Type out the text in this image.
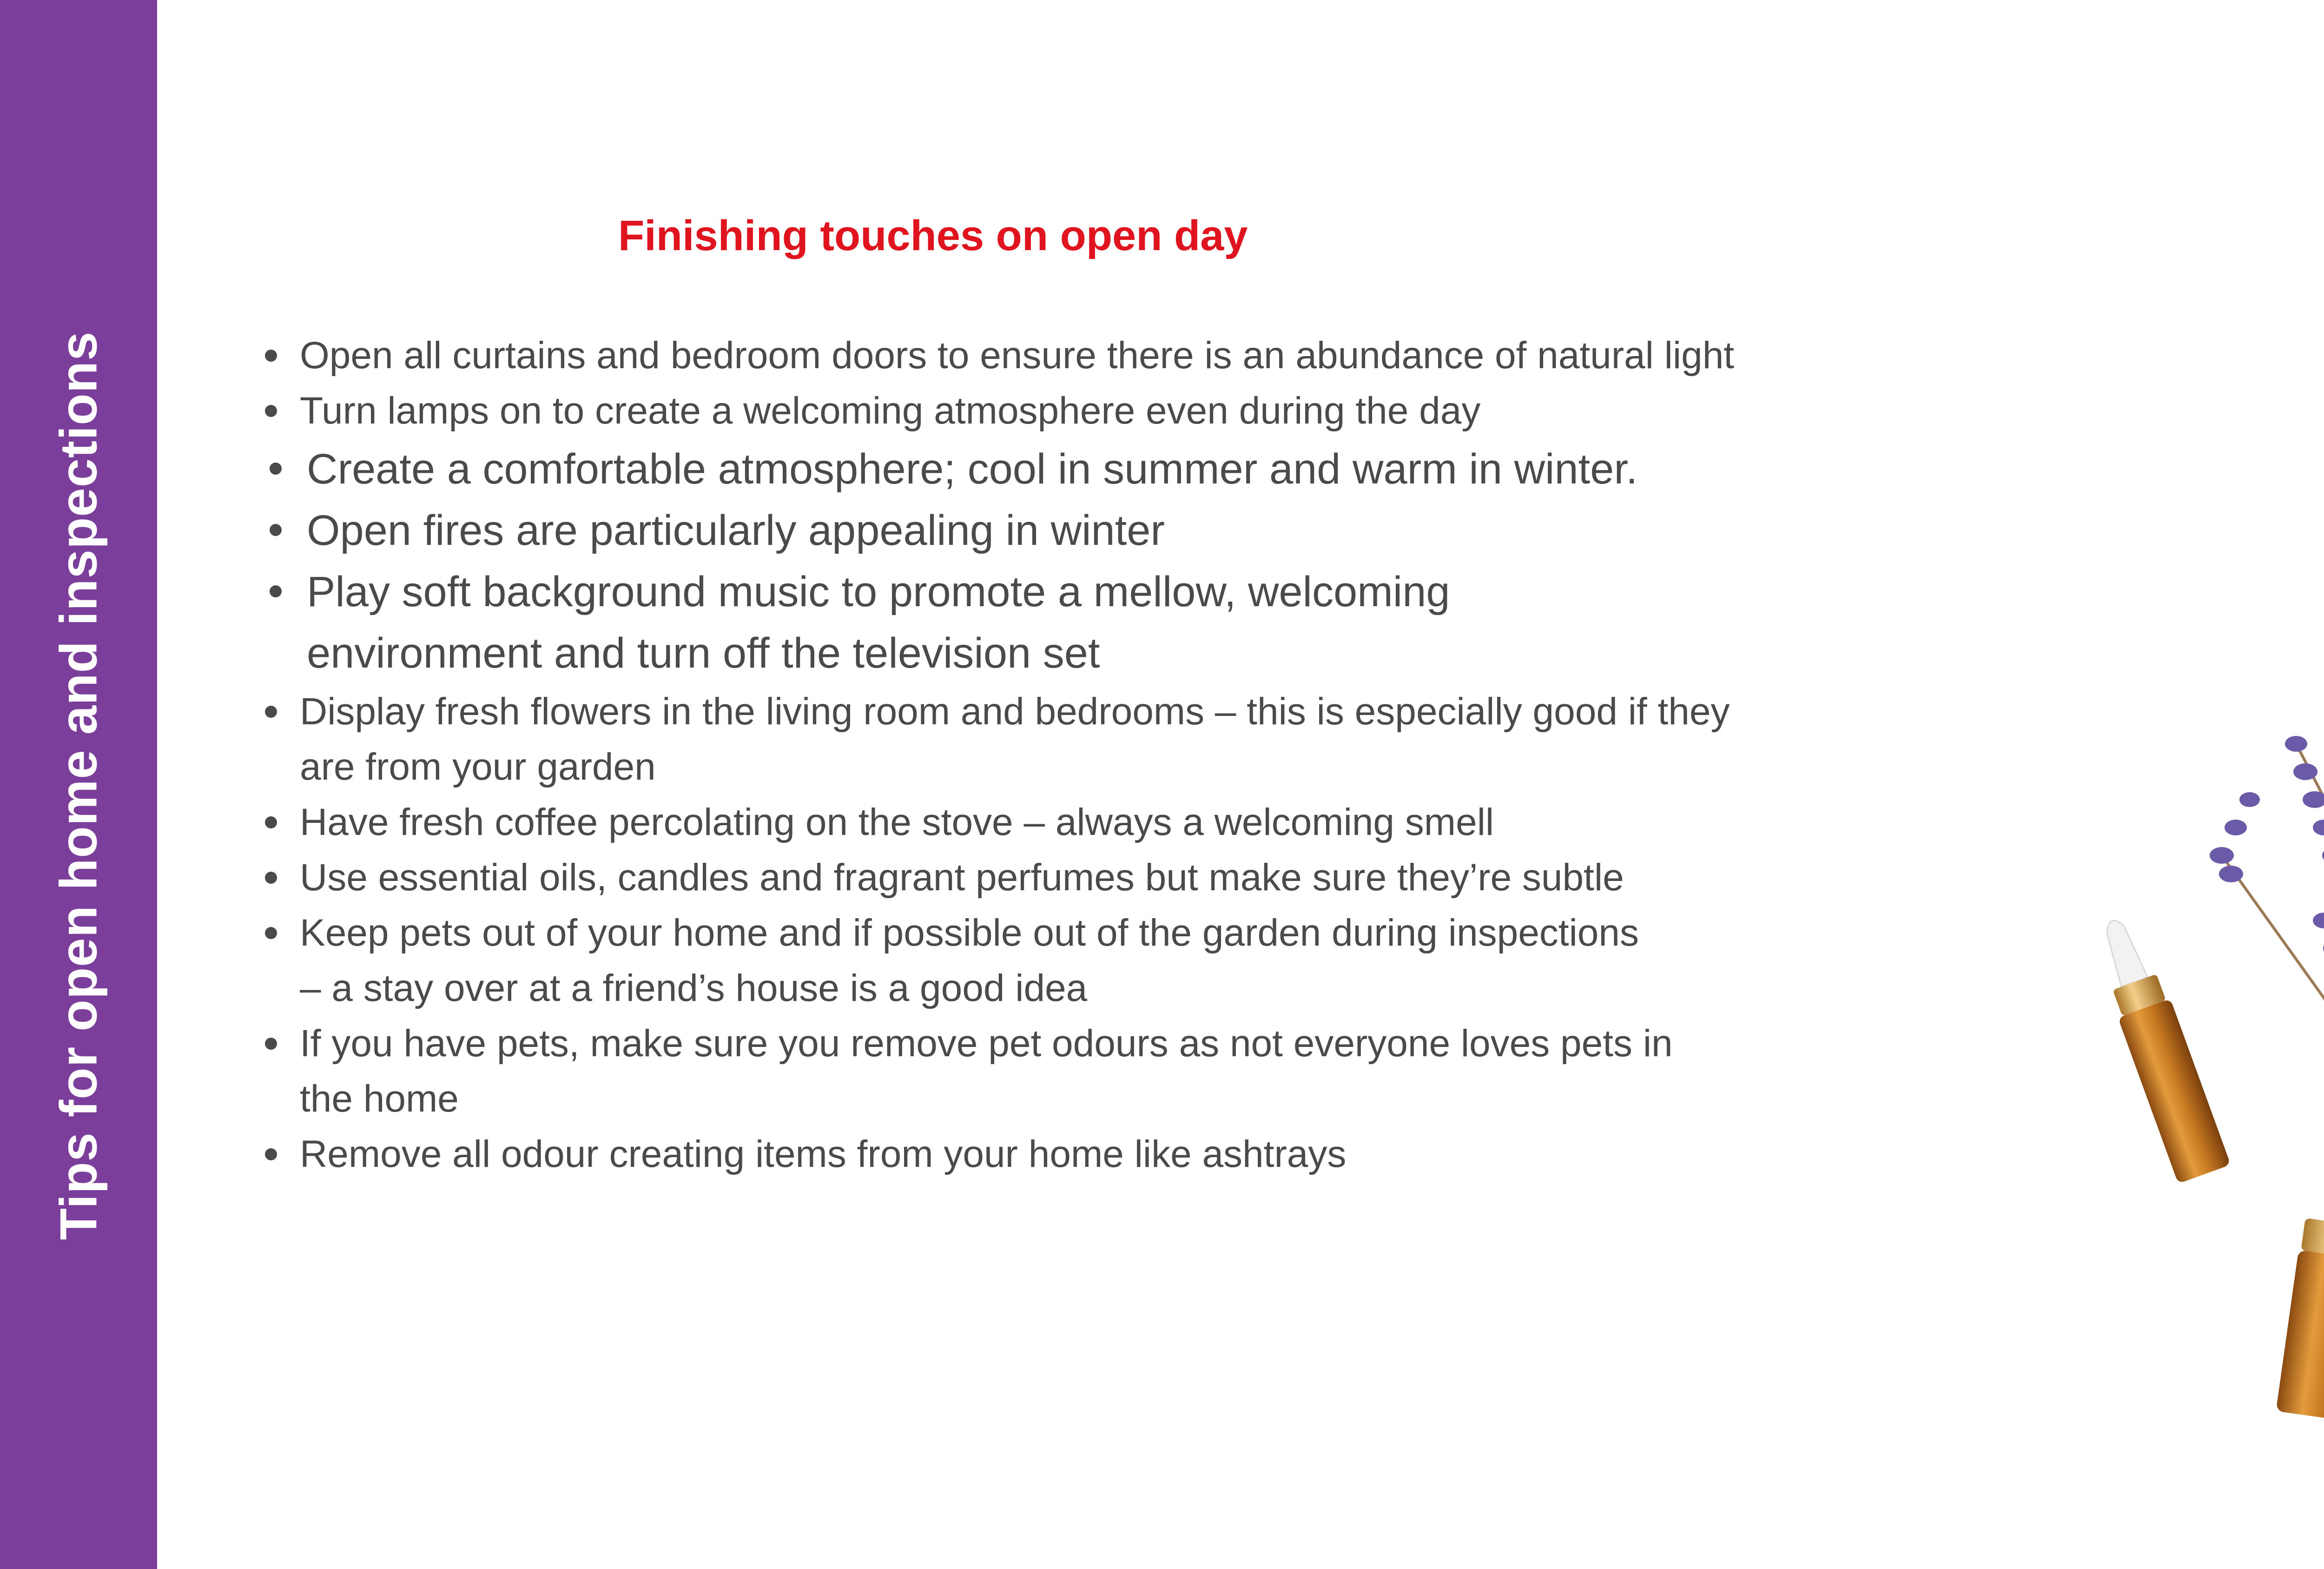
Tips for open home and inspections
Finishing touches on open day
Open all curtains and bedroom doors to ensure there is an abundance of natural light
Turn lamps on to create a welcoming atmosphere even during the day
Create a comfortable atmosphere; cool in summer and warm in winter.
Open fires are particularly appealing in winter
Play soft background music to promote a mellow, welcoming environment and turn off the television set
Display fresh flowers in the living room and bedrooms – this is especially good if they are from your garden
Have fresh coffee percolating on the stove – always a welcoming smell
Use essential oils, candles and fragrant perfumes but make sure they’re subtle
Keep pets out of your home and if possible out of the garden during inspections – a stay over at a friend’s house is a good idea
If you have pets, make sure you remove pet odours as not everyone loves pets in the home
Remove all odour creating items from your home like ashtrays
